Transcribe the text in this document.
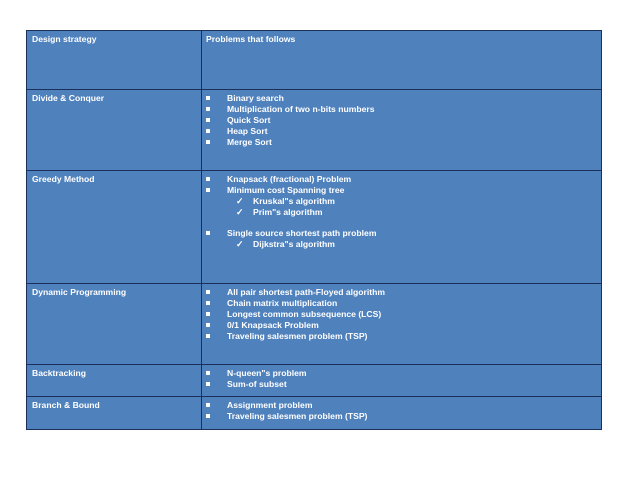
Design strategy	Problems that follows
Divide & Conquer	Binary search
Multiplication of two n-bits numbers
Quick Sort
Heap Sort
Merge Sort
Greedy Method	Knapsack (fractional) Problem
Minimum cost Spanning tree
✓ Kruskal"s algorithm
✓ Prim"s algorithm
Single source shortest path problem
✓ Dijkstra"s algorithm
Dynamic Programming	All pair shortest path-Floyed algorithm
Chain matrix multiplication
Longest common subsequence (LCS)
0/1 Knapsack Problem
Traveling salesmen problem (TSP)
Backtracking	N-queen"s problem
Sum-of subset
Branch & Bound	Assignment problem
Traveling salesmen problem (TSP)
